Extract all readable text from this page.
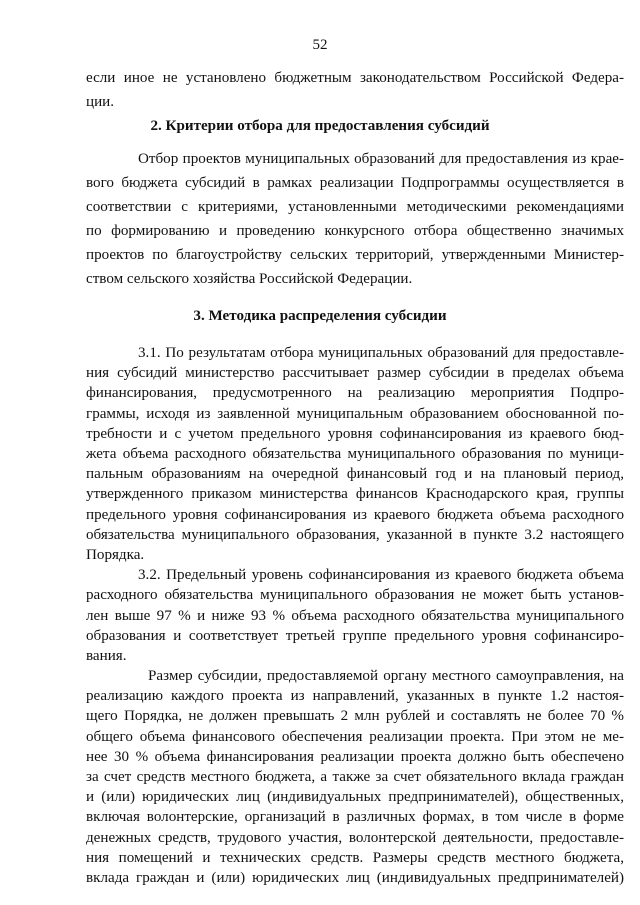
52

если иное не установлено бюджетным законодательством Российской Федера-

ции.

2. Критерии отбора для предоставления субсидий

Отбор проектов муниципальных образований для предоставления из крае-

вого бюджета субсидий в рамках реализации Подпрограммы осуществляется в

соответствии с критериями, установленными методическими рекомендациями

по формированию и проведению конкурсного отбора общественно значимых

проектов по благоустройству сельских территорий, утвержденными Министер-

ством сельского хозяйства Российской Федерации.

3. Методика распределения субсидии

3.1. По результатам отбора муниципальных образований для предоставле-

ния субсидий министерство рассчитывает размер субсидии в пределах объема

финансирования, предусмотренного на реализацию мероприятия Подпро-

граммы, исходя из заявленной муниципальным образованием обоснованной по-

требности и с учетом предельного уровня софинансирования из краевого бюд-

жета объема расходного обязательства муниципального образования по муници-

пальным образованиям на очередной финансовый год и на плановый период,

утвержденного приказом министерства финансов Краснодарского края, группы

предельного уровня софинансирования из краевого бюджета объема расходного

обязательства муниципального образования, указанной в пункте 3.2 настоящего

Порядка.

3.2. Предельный уровень софинансирования из краевого бюджета объема

расходного обязательства муниципального образования не может быть установ-

лен выше 97 % и ниже 93 % объема расходного обязательства муниципального

образования и соответствует третьей группе предельного уровня софинансиро-

вания.

Размер субсидии, предоставляемой органу местного самоуправления, на

реализацию каждого проекта из направлений, указанных в пункте 1.2 настоя-

щего Порядка, не должен превышать 2 млн рублей и составлять не более 70 %

общего объема финансового обеспечения реализации проекта. При этом не ме-

нее 30 % объема финансирования реализации проекта должно быть обеспечено

за счет средств местного бюджета, а также за счет обязательного вклада граждан

и (или) юридических лиц (индивидуальных предпринимателей), общественных,

включая волонтерские, организаций в различных формах, в том числе в форме

денежных средств, трудового участия, волонтерской деятельности, предоставле-

ния помещений и технических средств. Размеры средств местного бюджета,

вклада граждан и (или) юридических лиц (индивидуальных предпринимателей)
